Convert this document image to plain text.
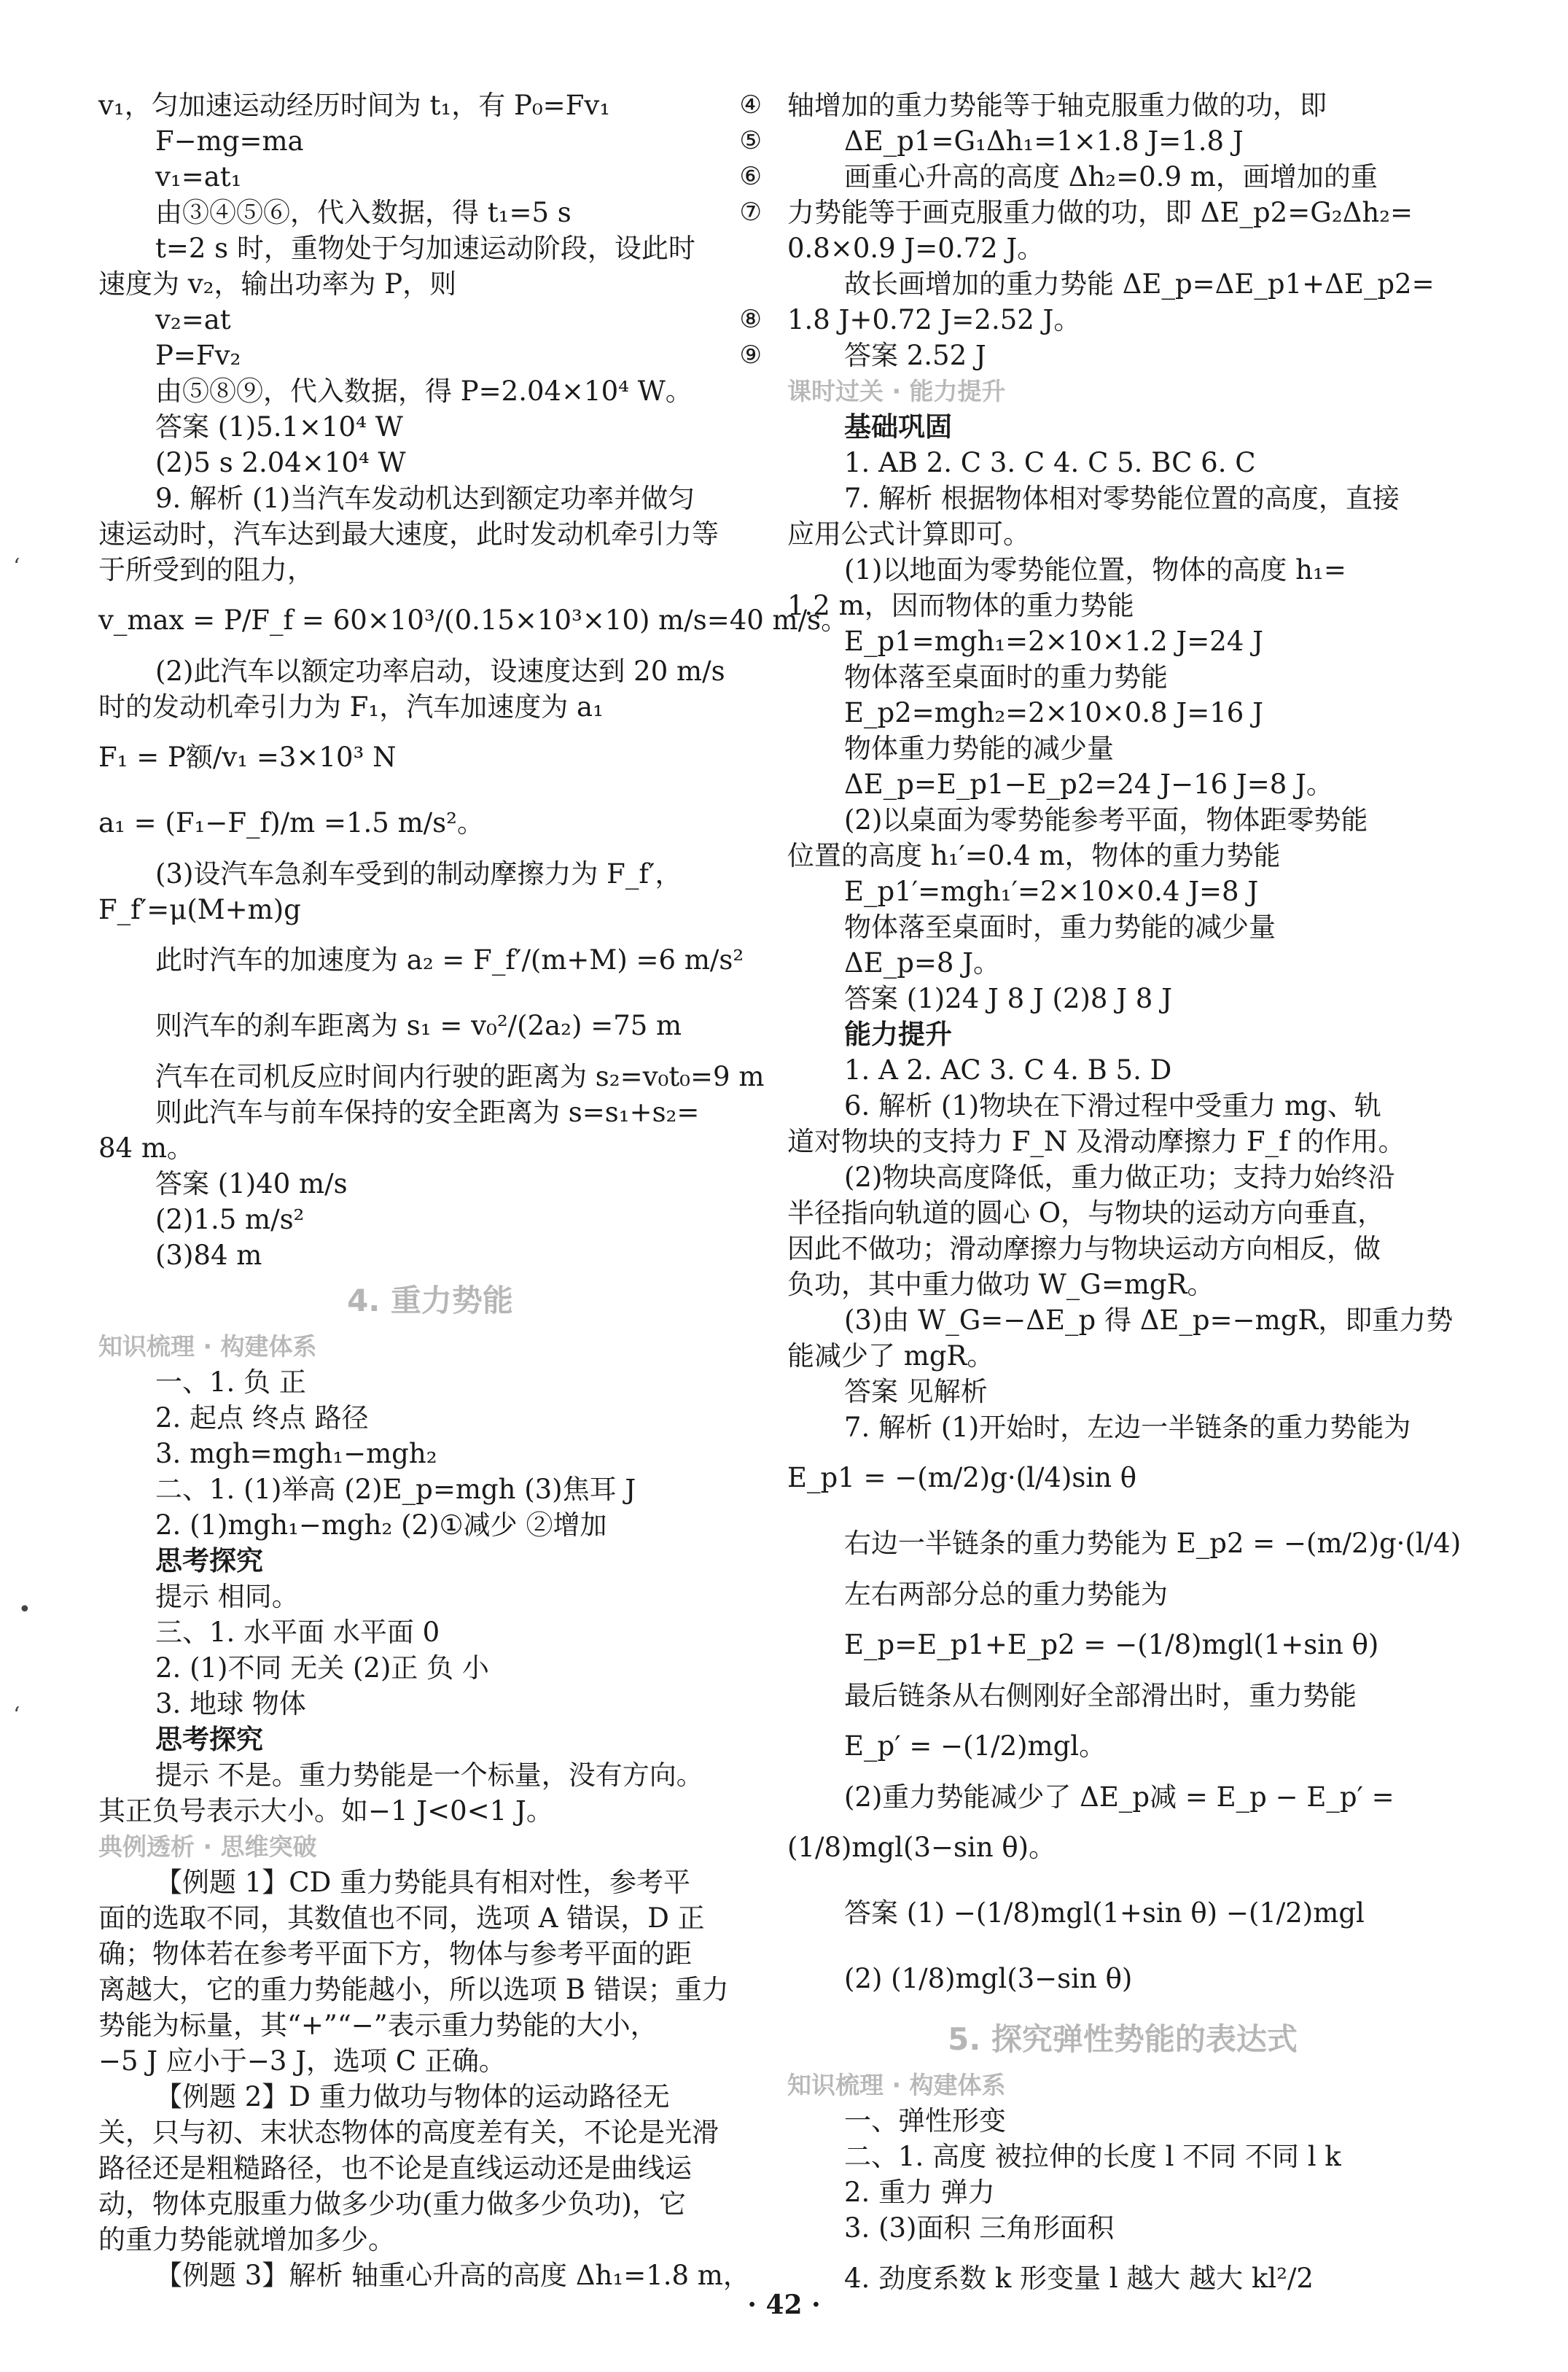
v₁，匀加速运动经历时间为 t₁，有 P₀=Fv₁	④
F−mg=ma	⑤
v₁=at₁	⑥
由③④⑤⑥，代入数据，得 t₁=5 s	⑦
t=2 s 时，重物处于匀加速运动阶段，设此时
速度为 v₂，输出功率为 P，则
v₂=at	⑧
P=Fv₂	⑨
由⑤⑧⑨，代入数据，得 P=2.04×10⁴ W。
答案 (1)5.1×10⁴ W
(2)5 s 2.04×10⁴ W
9. 解析 (1)当汽车发动机达到额定功率并做匀
速运动时，汽车达到最大速度，此时发动机牵引力等
于所受到的阻力，
v_max = P/F_f = 60×10³/(0.15×10³×10) m/s=40 m/s。
(2)此汽车以额定功率启动，设速度达到 20 m/s
时的发动机牵引力为 F₁，汽车加速度为 a₁
F₁ = P额/v₁ =3×10³ N
a₁ = (F₁−F_f)/m =1.5 m/s²。
(3)设汽车急刹车受到的制动摩擦力为 F_f′，
F_f′=μ(M+m)g
此时汽车的加速度为 a₂ = F_f′/(m+M) =6 m/s²
则汽车的刹车距离为 s₁ = v₀²/(2a₂) =75 m
汽车在司机反应时间内行驶的距离为 s₂=v₀t₀=9 m
则此汽车与前车保持的安全距离为 s=s₁+s₂=
84 m。
答案 (1)40 m/s
(2)1.5 m/s²
(3)84 m
4. 重力势能
知识梳理 · 构建体系
一、1. 负 正
2. 起点 终点 路径
3. mgh=mgh₁−mgh₂
二、1. (1)举高 (2)E_p=mgh (3)焦耳 J
2. (1)mgh₁−mgh₂ (2)①减少 ②增加
思考探究
提示 相同。
三、1. 水平面 水平面 0
2. (1)不同 无关 (2)正 负 小
3. 地球 物体
思考探究
提示 不是。重力势能是一个标量，没有方向。
其正负号表示大小。如−1 J<0<1 J。
典例透析 · 思维突破
【例题 1】CD 重力势能具有相对性，参考平
面的选取不同，其数值也不同，选项 A 错误，D 正
确；物体若在参考平面下方，物体与参考平面的距
离越大，它的重力势能越小，所以选项 B 错误；重力
势能为标量，其“+”“−”表示重力势能的大小，
−5 J 应小于−3 J，选项 C 正确。
【例题 2】D 重力做功与物体的运动路径无
关，只与初、末状态物体的高度差有关，不论是光滑
路径还是粗糙路径，也不论是直线运动还是曲线运
动，物体克服重力做多少功(重力做多少负功)，它
的重力势能就增加多少。
【例题 3】解析 轴重心升高的高度 Δh₁=1.8 m，
轴增加的重力势能等于轴克服重力做的功，即
ΔE_p1=G₁Δh₁=1×1.8 J=1.8 J
画重心升高的高度 Δh₂=0.9 m，画增加的重
力势能等于画克服重力做的功，即 ΔE_p2=G₂Δh₂=
0.8×0.9 J=0.72 J。
故长画增加的重力势能 ΔE_p=ΔE_p1+ΔE_p2=
1.8 J+0.72 J=2.52 J。
答案 2.52 J
课时过关 · 能力提升
基础巩固
1. AB 2. C 3. C 4. C 5. BC 6. C
7. 解析 根据物体相对零势能位置的高度，直接
应用公式计算即可。
(1)以地面为零势能位置，物体的高度 h₁=
1.2 m，因而物体的重力势能
E_p1=mgh₁=2×10×1.2 J=24 J
物体落至桌面时的重力势能
E_p2=mgh₂=2×10×0.8 J=16 J
物体重力势能的减少量
ΔE_p=E_p1−E_p2=24 J−16 J=8 J。
(2)以桌面为零势能参考平面，物体距零势能
位置的高度 h₁′=0.4 m，物体的重力势能
E_p1′=mgh₁′=2×10×0.4 J=8 J
物体落至桌面时，重力势能的减少量
ΔE_p=8 J。
答案 (1)24 J 8 J (2)8 J 8 J
能力提升
1. A 2. AC 3. C 4. B 5. D
6. 解析 (1)物块在下滑过程中受重力 mg、轨
道对物块的支持力 F_N 及滑动摩擦力 F_f 的作用。
(2)物块高度降低，重力做正功；支持力始终沿
半径指向轨道的圆心 O，与物块的运动方向垂直，
因此不做功；滑动摩擦力与物块运动方向相反，做
负功，其中重力做功 W_G=mgR。
(3)由 W_G=−ΔE_p 得 ΔE_p=−mgR，即重力势
能减少了 mgR。
答案 见解析
7. 解析 (1)开始时，左边一半链条的重力势能为
E_p1 = −(m/2)g·(l/4)sin θ
右边一半链条的重力势能为 E_p2 = −(m/2)g·(l/4)
左右两部分总的重力势能为
E_p=E_p1+E_p2 = −(1/8)mgl(1+sin θ)
最后链条从右侧刚好全部滑出时，重力势能
E_p′ = −(1/2)mgl。
(2)重力势能减少了 ΔE_p减 = E_p − E_p′ =
(1/8)mgl(3−sin θ)。
答案 (1) −(1/8)mgl(1+sin θ) −(1/2)mgl
(2) (1/8)mgl(3−sin θ)
5. 探究弹性势能的表达式
知识梳理 · 构建体系
一、弹性形变
二、1. 高度 被拉伸的长度 l 不同 不同 l k
2. 重力 弹力
3. (3)面积 三角形面积
4. 劲度系数 k 形变量 l 越大 越大 kl²/2
‘
•
‘
· 42 ·
